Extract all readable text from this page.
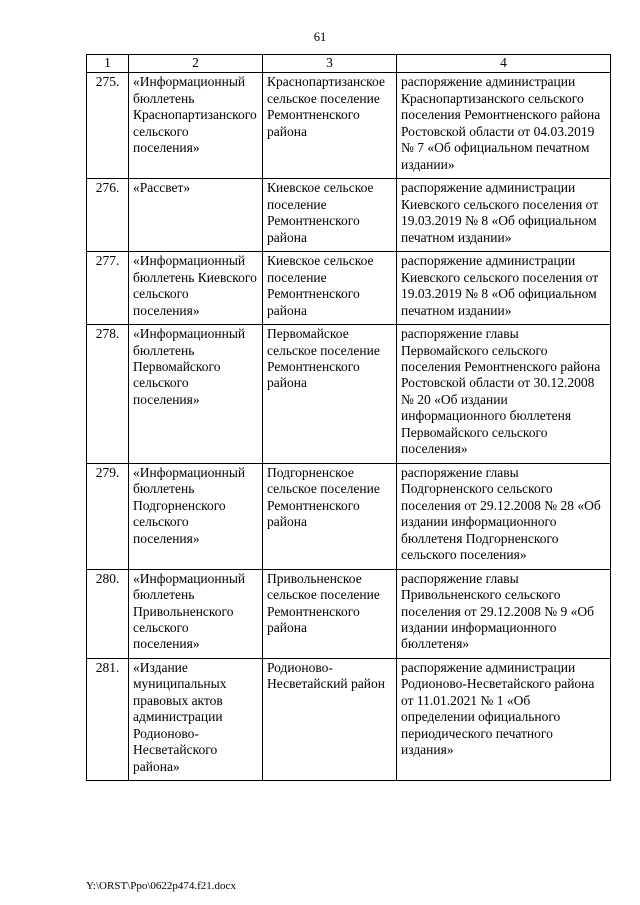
61
1	2	3	4
275.	«Информационный бюллетень Краснопартизанского сельского поселения»	Краснопартизанское сельское поселение Ремонтненского района	распоряжение администрации Краснопартизанского сельского поселения Ремонтненского района Ростовской области от 04.03.2019 № 7 «Об официальном печатном издании»
276.	«Рассвет»	Киевское сельское поселение Ремонтненского района	распоряжение администрации Киевского сельского поселения от 19.03.2019 № 8 «Об официальном печатном издании»
277.	«Информационный бюллетень Киевского сельского поселения»	Киевское сельское поселение Ремонтненского района	распоряжение администрации Киевского сельского поселения от 19.03.2019 № 8 «Об официальном печатном издании»
278.	«Информационный бюллетень Первомайского сельского поселения»	Первомайское сельское поселение Ремонтненского района	распоряжение главы Первомайского сельского поселения Ремонтненского района Ростовской области от 30.12.2008 № 20 «Об издании информационного бюллетеня Первомайского сельского поселения»
279.	«Информационный бюллетень Подгорненского сельского поселения»	Подгорненское сельское поселение Ремонтненского района	распоряжение главы Подгорненского сельского поселения от 29.12.2008 № 28 «Об издании информационного бюллетеня Подгорненского сельского поселения»
280.	«Информационный бюллетень Привольненского сельского поселения»	Привольненское сельское поселение Ремонтненского района	распоряжение главы Привольненского сельского поселения от 29.12.2008 № 9 «Об издании информационного бюллетеня»
281.	«Издание муниципальных правовых актов администрации Родионово-Несветайского района»	Родионово-Несветайский район	распоряжение администрации Родионово-Несветайского района от 11.01.2021 № 1 «Об определении официального периодического печатного издания»
Y:\ORST\Ppo\0622p474.f21.docx
